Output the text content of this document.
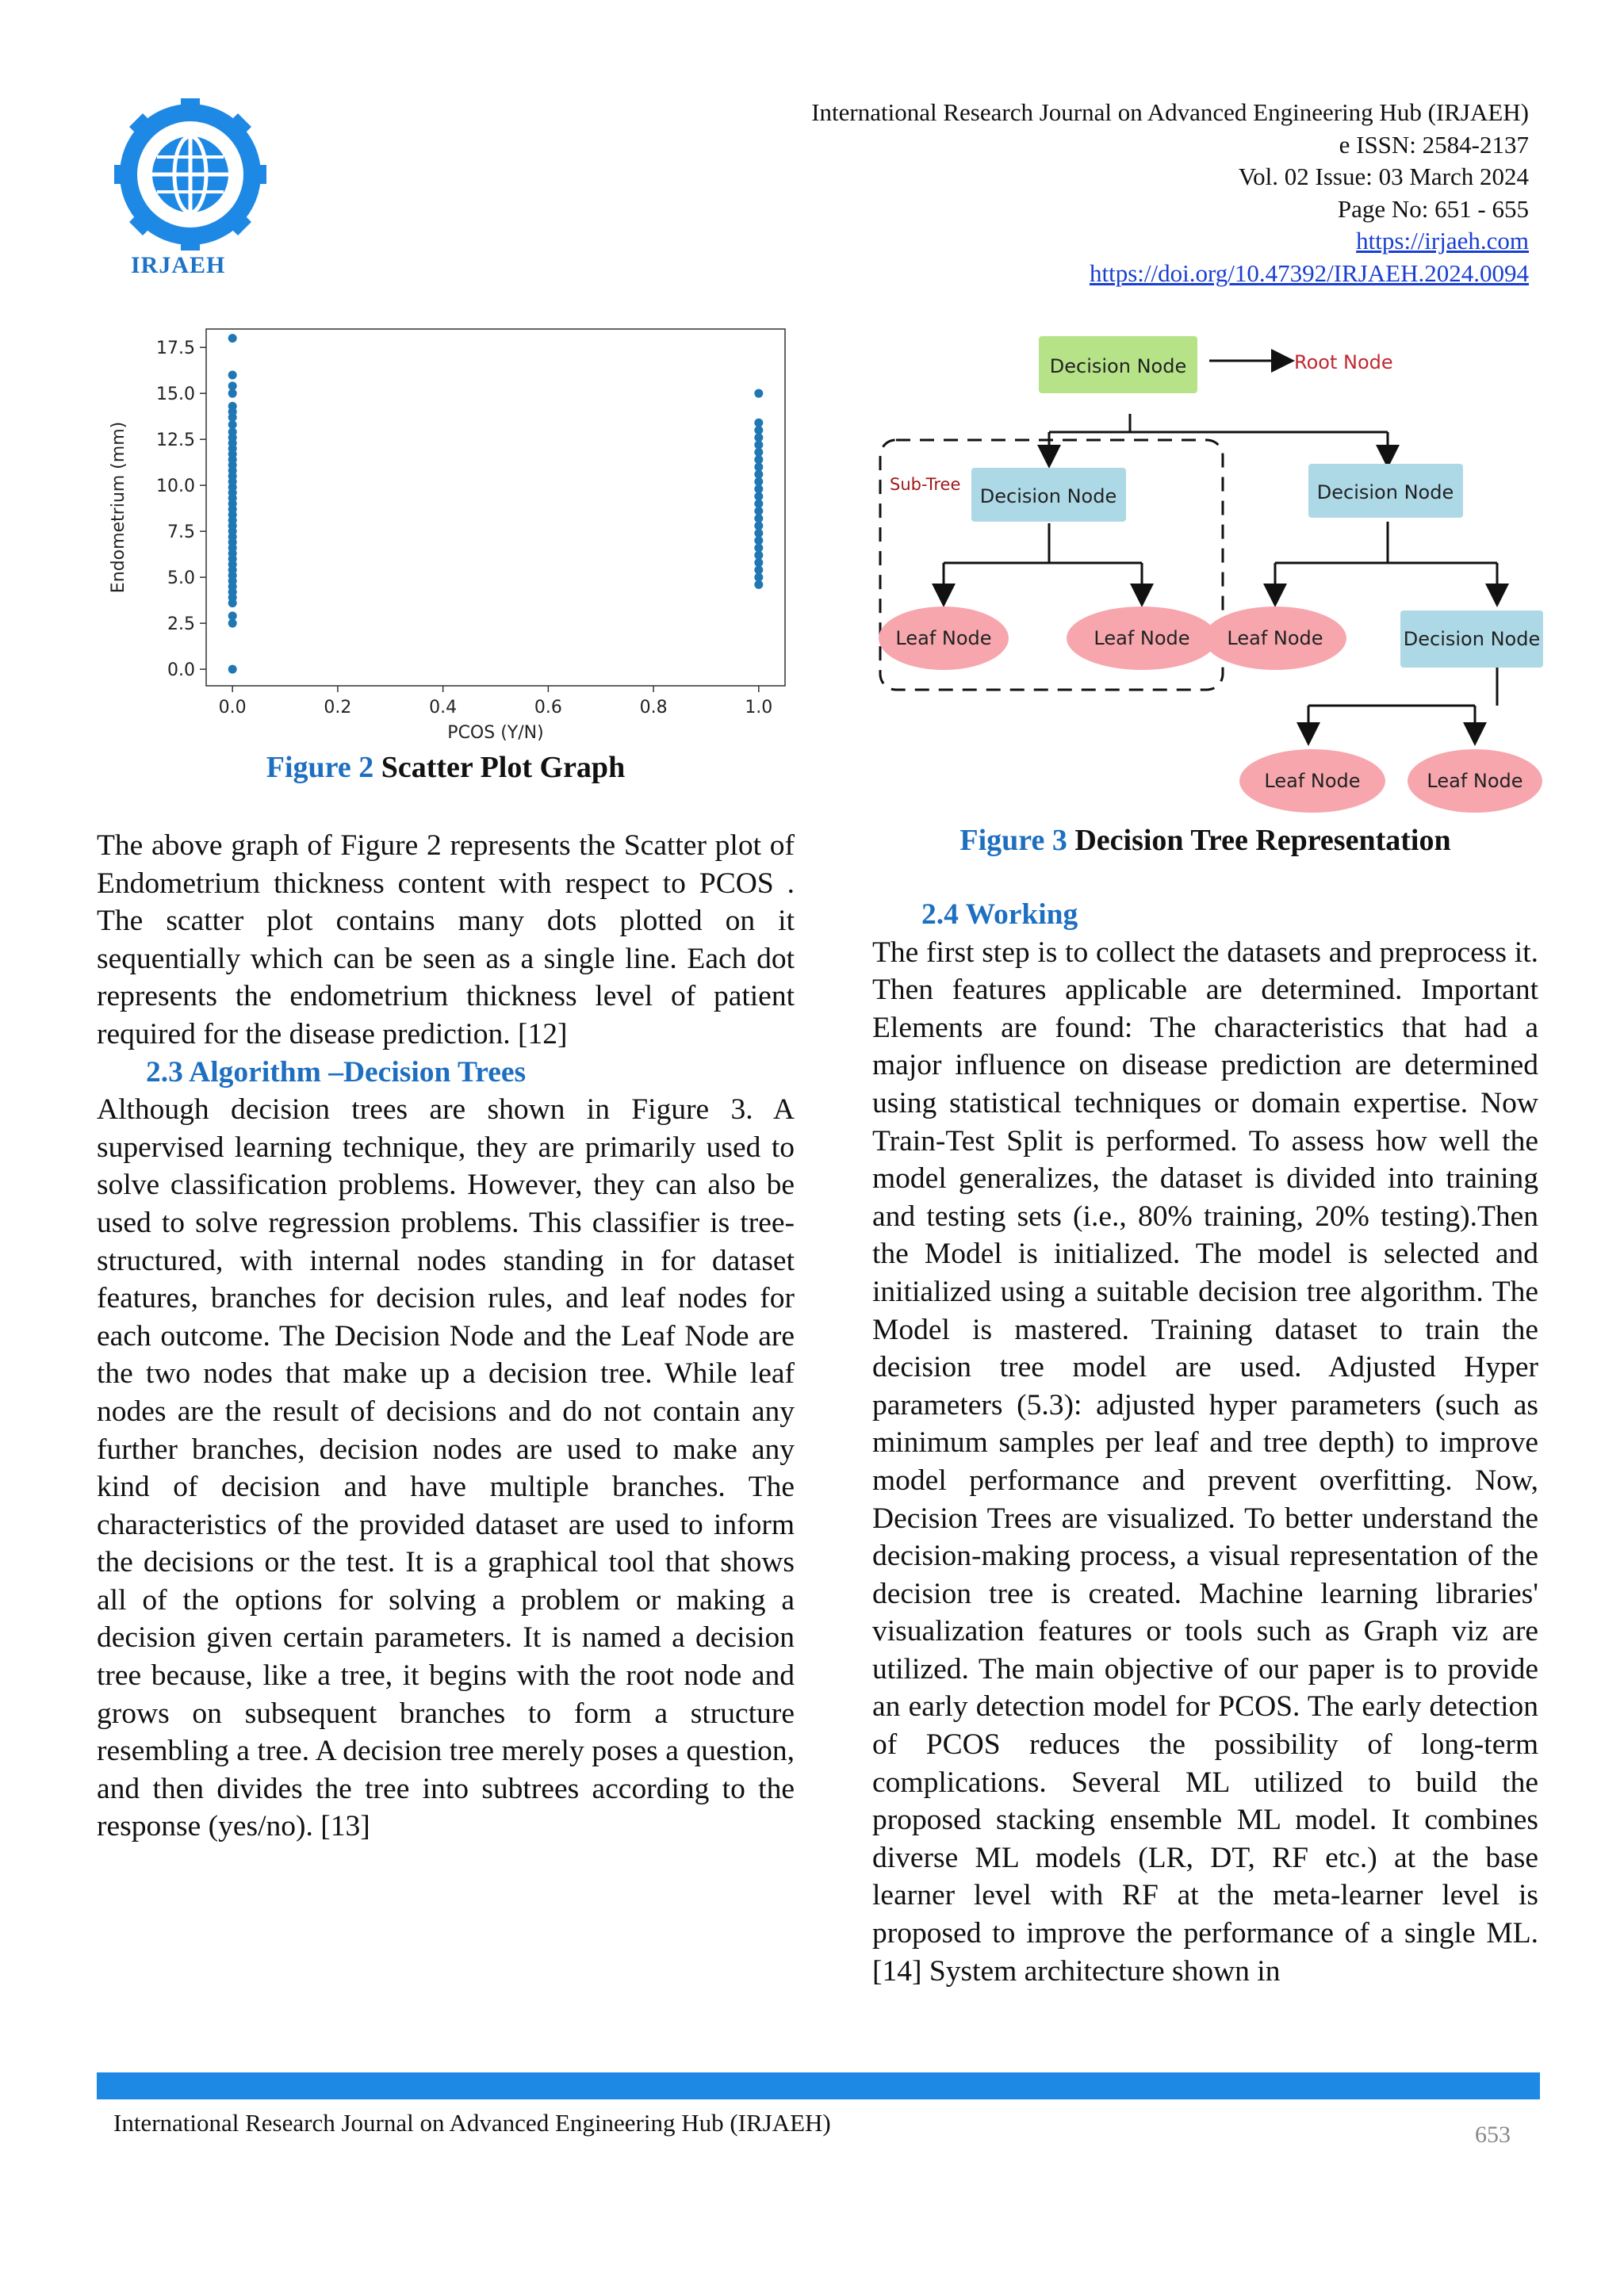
IRJAEH
International Research Journal on Advanced Engineering Hub (IRJAEH)
e ISSN: 2584-2137
Vol. 02 Issue: 03 March 2024
Page No: 651 - 655
https://irjaeh.com
https://doi.org/10.47392/IRJAEH.2024.0094
0.0	0.2	0.4	0.6	0.8	1.0
0.0
2.5
5.0
7.5
10.0
12.5
15.0
17.5
PCOS (Y/N)
Endometrium (mm)
Figure 2 Scatter Plot Graph
Sub-Tree
Decision Node	Root Node
Decision Node	Decision Node
Leaf Node	Leaf Node Leaf Node	Decision Node
Leaf Node	Leaf Node
Figure 3 Decision Tree Representation

The above graph of Figure 2 represents the Scatter plot of Endometrium thickness content with respect to PCOS . The scatter plot contains many dots plotted on it sequentially which can be seen as a single line. Each dot represents the endometrium thickness level of patient required for the disease prediction. [12]

2.3 Algorithm –Decision Trees

Although decision trees are shown in Figure 3. A supervised learning technique, they are primarily used to solve classification problems. However, they can also be used to solve regression problems. This classifier is tree-structured, with internal nodes standing in for dataset features, branches for decision rules, and leaf nodes for each outcome. The Decision Node and the Leaf Node are the two nodes that make up a decision tree. While leaf nodes are the result of decisions and do not contain any further branches, decision nodes are used to make any kind of decision and have multiple branches. The characteristics of the provided dataset are used to inform the decisions or the test. It is a graphical tool that shows all of the options for solving a problem or making a decision given certain parameters. It is named a decision tree because, like a tree, it begins with the root node and grows on subsequent branches to form a structure resembling a tree. A decision tree merely poses a question, and then divides the tree into subtrees according to the response (yes/no). [13]

2.4 Working

The first step is to collect the datasets and preprocess it. Then features applicable are determined. Important Elements are found: The characteristics that had a major influence on disease prediction are determined using statistical techniques or domain expertise. Now Train-Test Split is performed. To assess how well the model generalizes, the dataset is divided into training and testing sets (i.e., 80% training, 20% testing).Then the Model is initialized. The model is selected and initialized using a suitable decision tree algorithm. The Model is mastered. Training dataset to train the decision tree model are used. Adjusted Hyper parameters (5.3): adjusted hyper parameters (such as minimum samples per leaf and tree depth) to improve model performance and prevent overfitting. Now, Decision Trees are visualized. To better understand the decision-making process, a visual representation of the decision tree is created. Machine learning libraries' visualization features or tools such as Graph viz are utilized. The main objective of our paper is to provide an early detection model for PCOS. The early detection of PCOS reduces the possibility of long-term complications. Several ML utilized to build the proposed stacking ensemble ML model. It combines diverse ML models (LR, DT, RF etc.) at the base learner level with RF at the meta-learner level is proposed to improve the performance of a single ML. [14] System architecture shown in

International Research Journal on Advanced Engineering Hub (IRJAEH)	653
